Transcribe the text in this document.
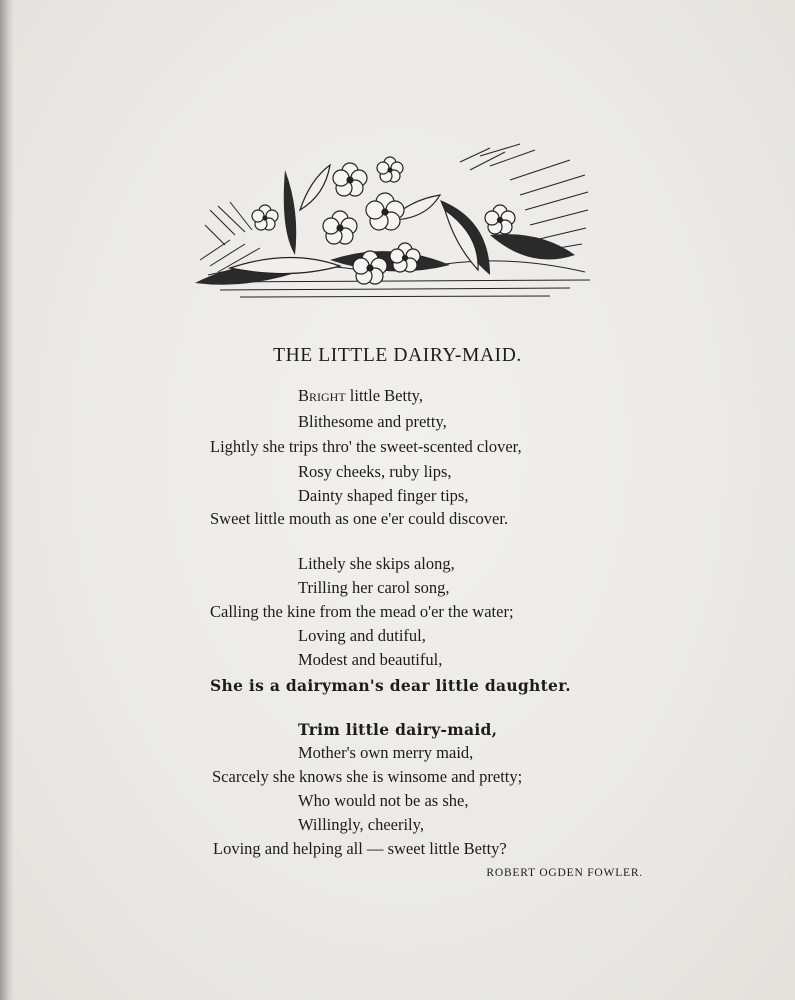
THE LITTLE DAIRY-MAID.
Bright little Betty,
Blithesome and pretty,
Lightly she trips thro' the sweet-scented clover,
Rosy cheeks, ruby lips,
Dainty shaped finger tips,
Sweet little mouth as one e'er could discover.
Lithely she skips along,
Trilling her carol song,
Calling the kine from the mead o'er the water;
Loving and dutiful,
Modest and beautiful,
She is a dairyman's dear little daughter.
Trim little dairy-maid,
Mother's own merry maid,
Scarcely she knows she is winsome and pretty;
Who would not be as she,
Willingly, cheerily,
Loving and helping all — sweet little Betty?
ROBERT OGDEN FOWLER.
